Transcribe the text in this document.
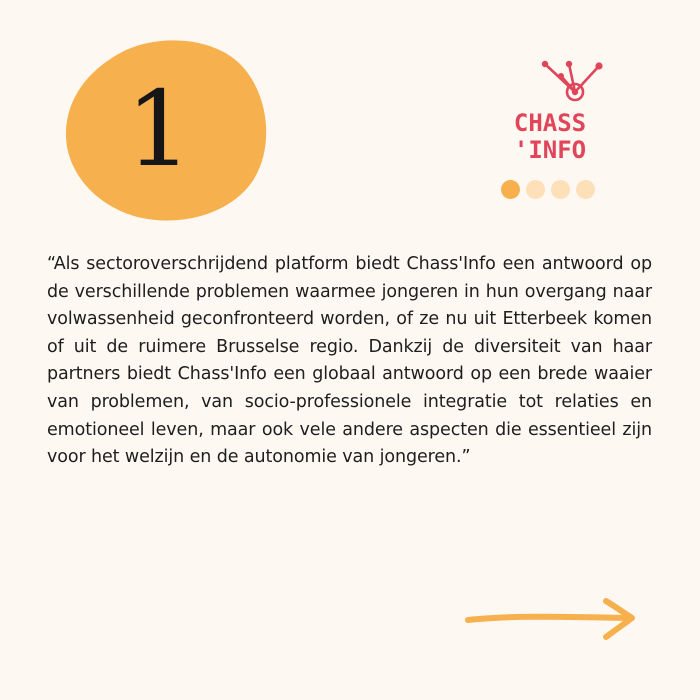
1	CHASS
'INFO

“Als sectoroverschrijdend platform biedt Chass'Info een antwoord op de verschillende problemen waarmee jongeren in hun overgang naar volwassenheid geconfronteerd worden, of ze nu uit Etterbeek komen of uit de ruimere Brusselse regio. Dankzij de diversiteit van haar partners biedt Chass'Info een globaal antwoord op een brede waaier van problemen, van socio-professionele integratie tot relaties en emotioneel leven, maar ook vele andere aspecten die essentieel zijn voor het welzijn en de autonomie van jongeren.”
